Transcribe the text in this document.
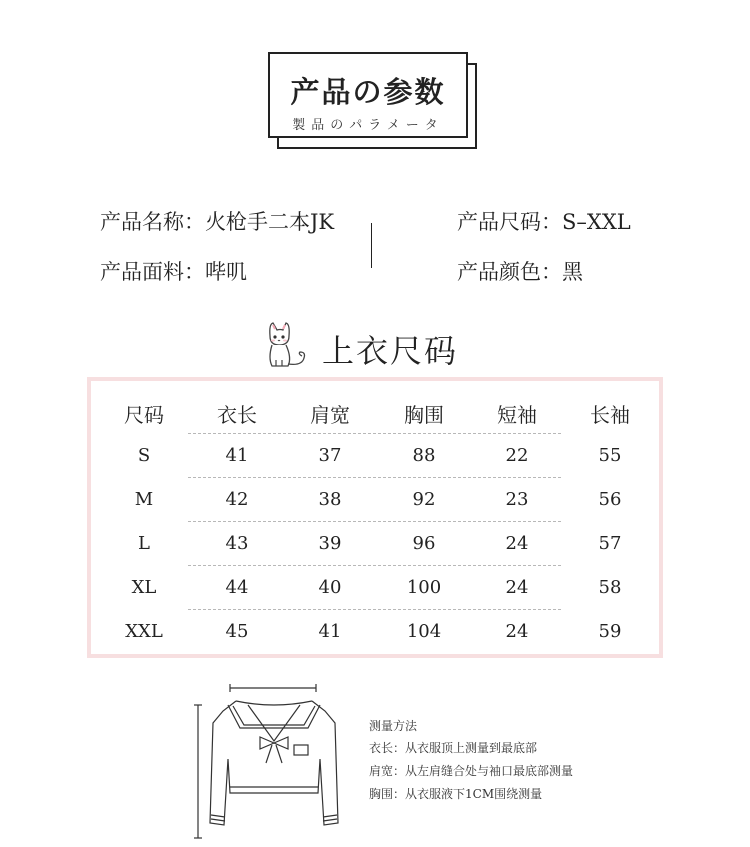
产品の参数
製品のパラメータ
产品名称：火枪手二本JK	产品尺码：S–XXL
产品面料：哔叽	产品颜色：黑
上衣尺码
尺码	衣长	肩宽	胸围	短袖	长袖
S	41	37	88	22	55
M	42	38	92	23	56
L	43	39	96	24	57
XL	44	40	100	24	58
XXL	45	41	104	24	59
测量方法
衣长：从衣服顶上测量到最底部
肩宽：从左肩缝合处与袖口最底部测量
胸围：从衣服液下1CM围绕测量
